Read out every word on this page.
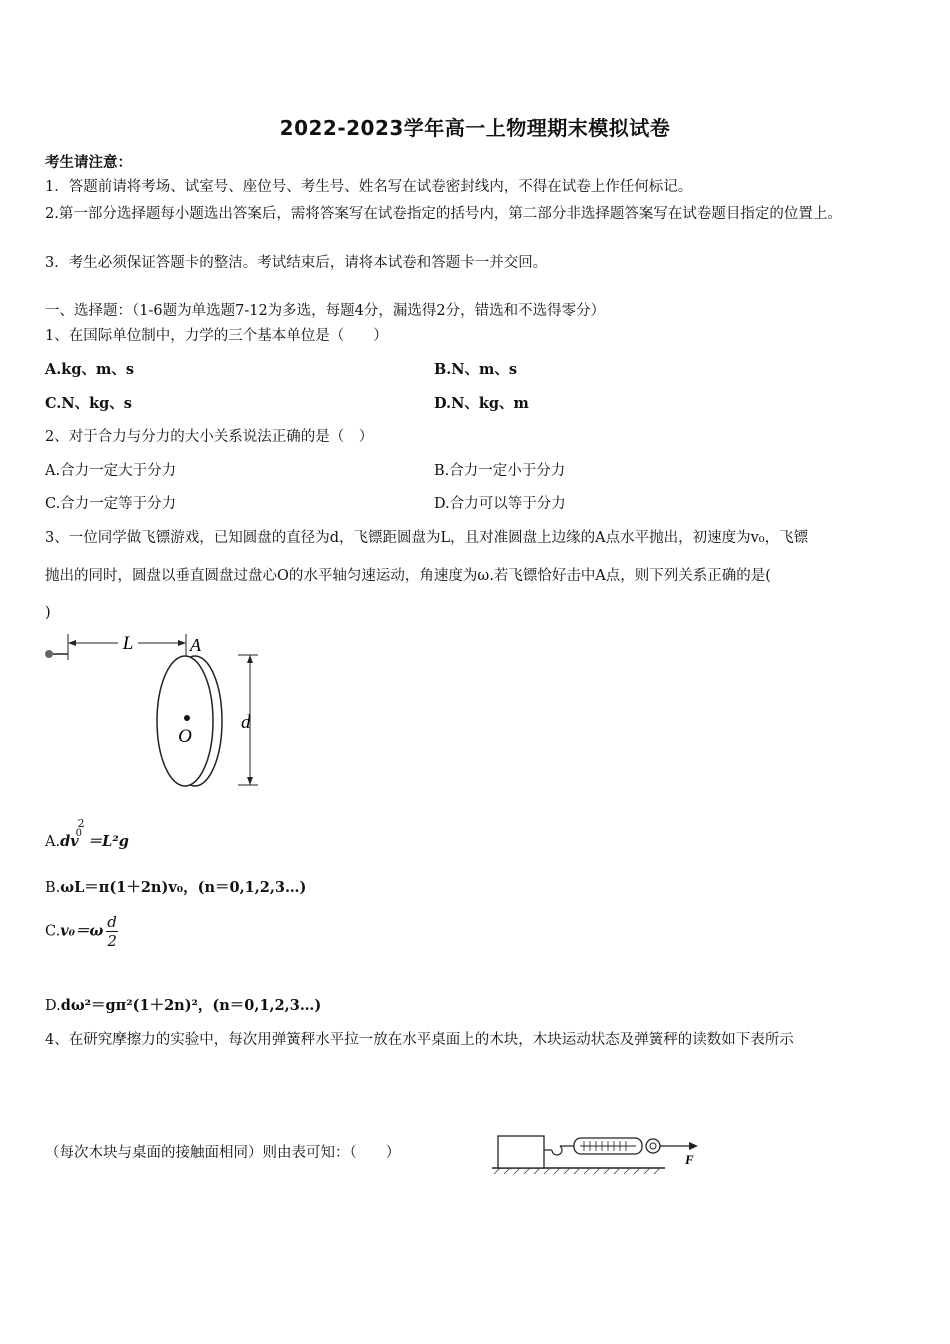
2022-2023学年高一上物理期末模拟试卷
考生请注意：
1．答题前请将考场、试室号、座位号、考生号、姓名写在试卷密封线内，不得在试卷上作任何标记。
2.第一部分选择题每小题选出答案后，需将答案写在试卷指定的括号内，第二部分非选择题答案写在试卷题目指定的位置上。
3．考生必须保证答题卡的整洁。考试结束后，请将本试卷和答题卡一并交回。
一、选择题：（1-6题为单选题7-12为多选，每题4分，漏选得2分，错选和不选得零分）
1、在国际单位制中，力学的三个基本单位是（　　）
A.kg、m、s	B.N、m、s
C.N、kg、s	D.N、kg、m
2、对于合力与分力的大小关系说法正确的是（　）
A.合力一定大于分力	B.合力一定小于分力
C.合力一定等于分力	D.合力可以等于分力
3、一位同学做飞镖游戏，已知圆盘的直径为d，飞镖距圆盘为L，且对准圆盘上边缘的A点水平抛出，初速度为v₀，飞镖
抛出的同时，圆盘以垂直圆盘过盘心O的水平轴匀速运动，角速度为ω.若飞镖恰好击中A点，则下列关系正确的是(
)
L	A
O
d
A.dv
2
0 ＝L²g
B.ωL＝π(1＋2n)v₀，(n＝0,1,2,3…)
$C.v_0=\omega \frac{d}{2}$
D.dω²＝gπ²(1＋2n)²，(n＝0,1,2,3…)
4、在研究摩擦力的实验中，每次用弹簧秤水平拉一放在水平桌面上的木块，木块运动状态及弹簧秤的读数如下表所示
（每次木块与桌面的接触面相同）则由表可知：（　　）	F
